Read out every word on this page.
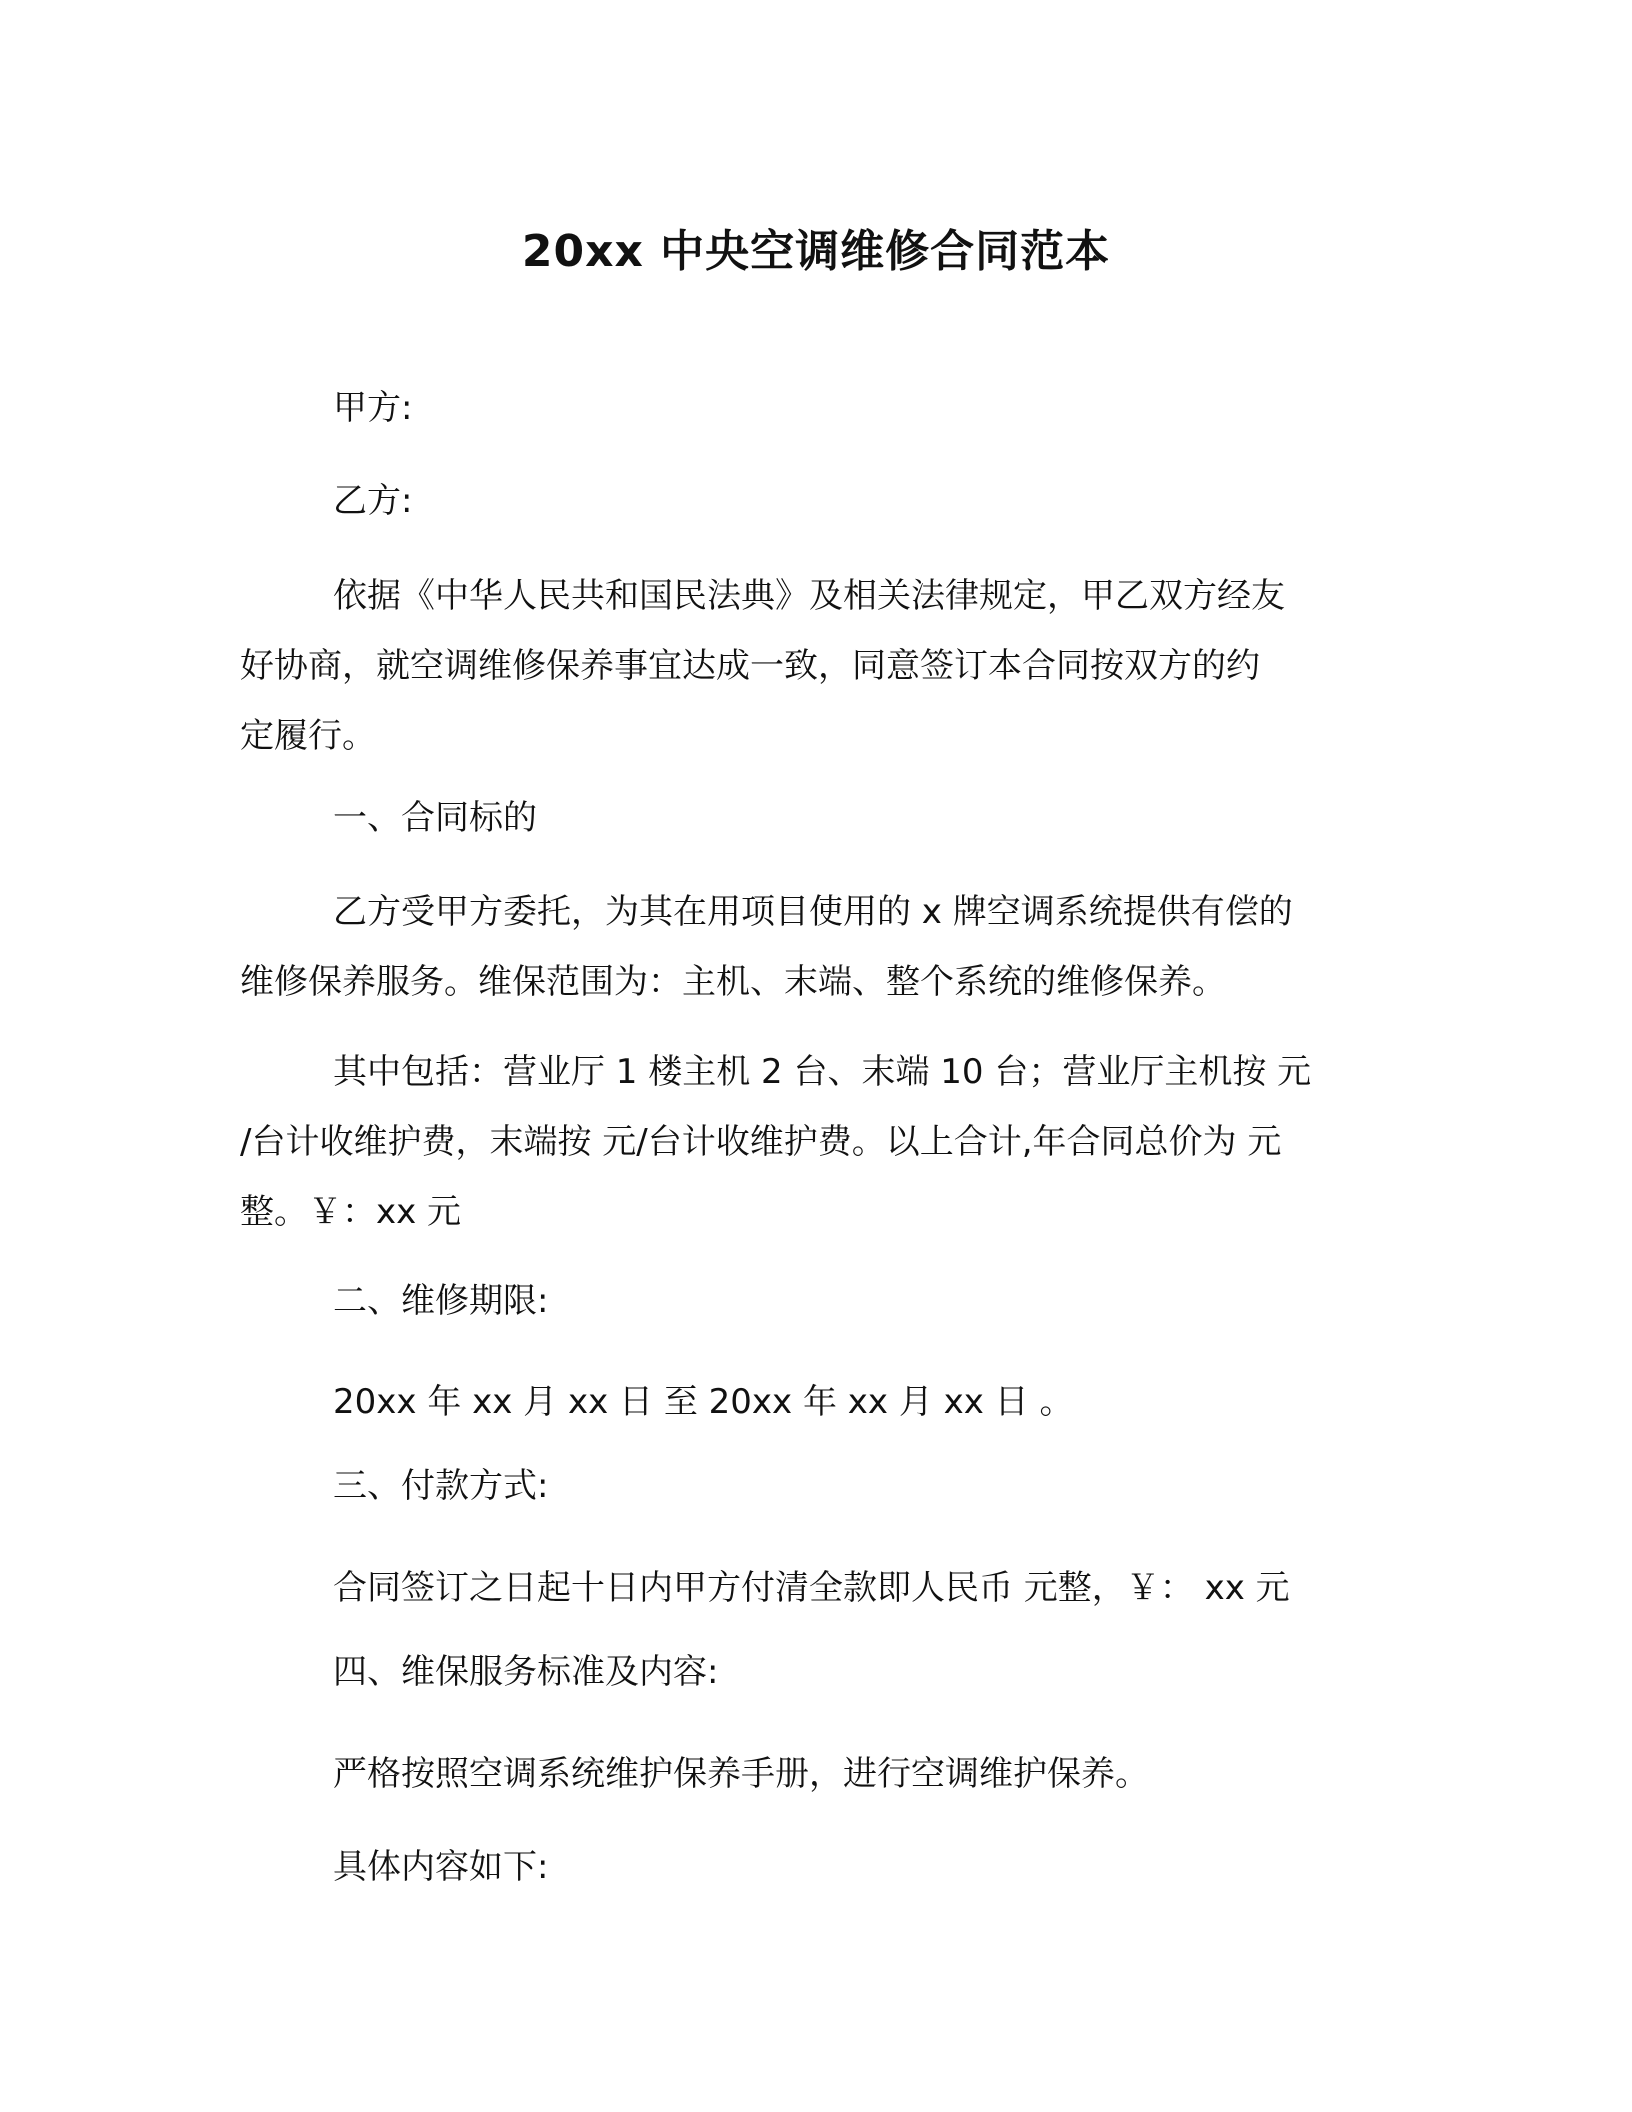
20xx 中央空调维修合同范本
甲方:
乙方:
依据《中华人民共和国民法典》及相关法律规定，甲乙双方经友
好协商，就空调维修保养事宜达成一致，同意签订本合同按双方的约
定履行。
一、合同标的
乙方受甲方委托，为其在用项目使用的 x 牌空调系统提供有偿的
维修保养服务。维保范围为：主机、末端、整个系统的维修保养。
其中包括：营业厅 1 楼主机 2 台、末端 10 台；营业厅主机按 元
/台计收维护费，末端按 元/台计收维护费。以上合计,年合同总价为 元
整。￥：xx 元
二、维修期限:
20xx 年 xx 月 xx 日 至 20xx 年 xx 月 xx 日 。
三、付款方式:
合同签订之日起十日内甲方付清全款即人民币 元整，￥： xx 元
四、维保服务标准及内容:
严格按照空调系统维护保养手册，进行空调维护保养。
具体内容如下:
